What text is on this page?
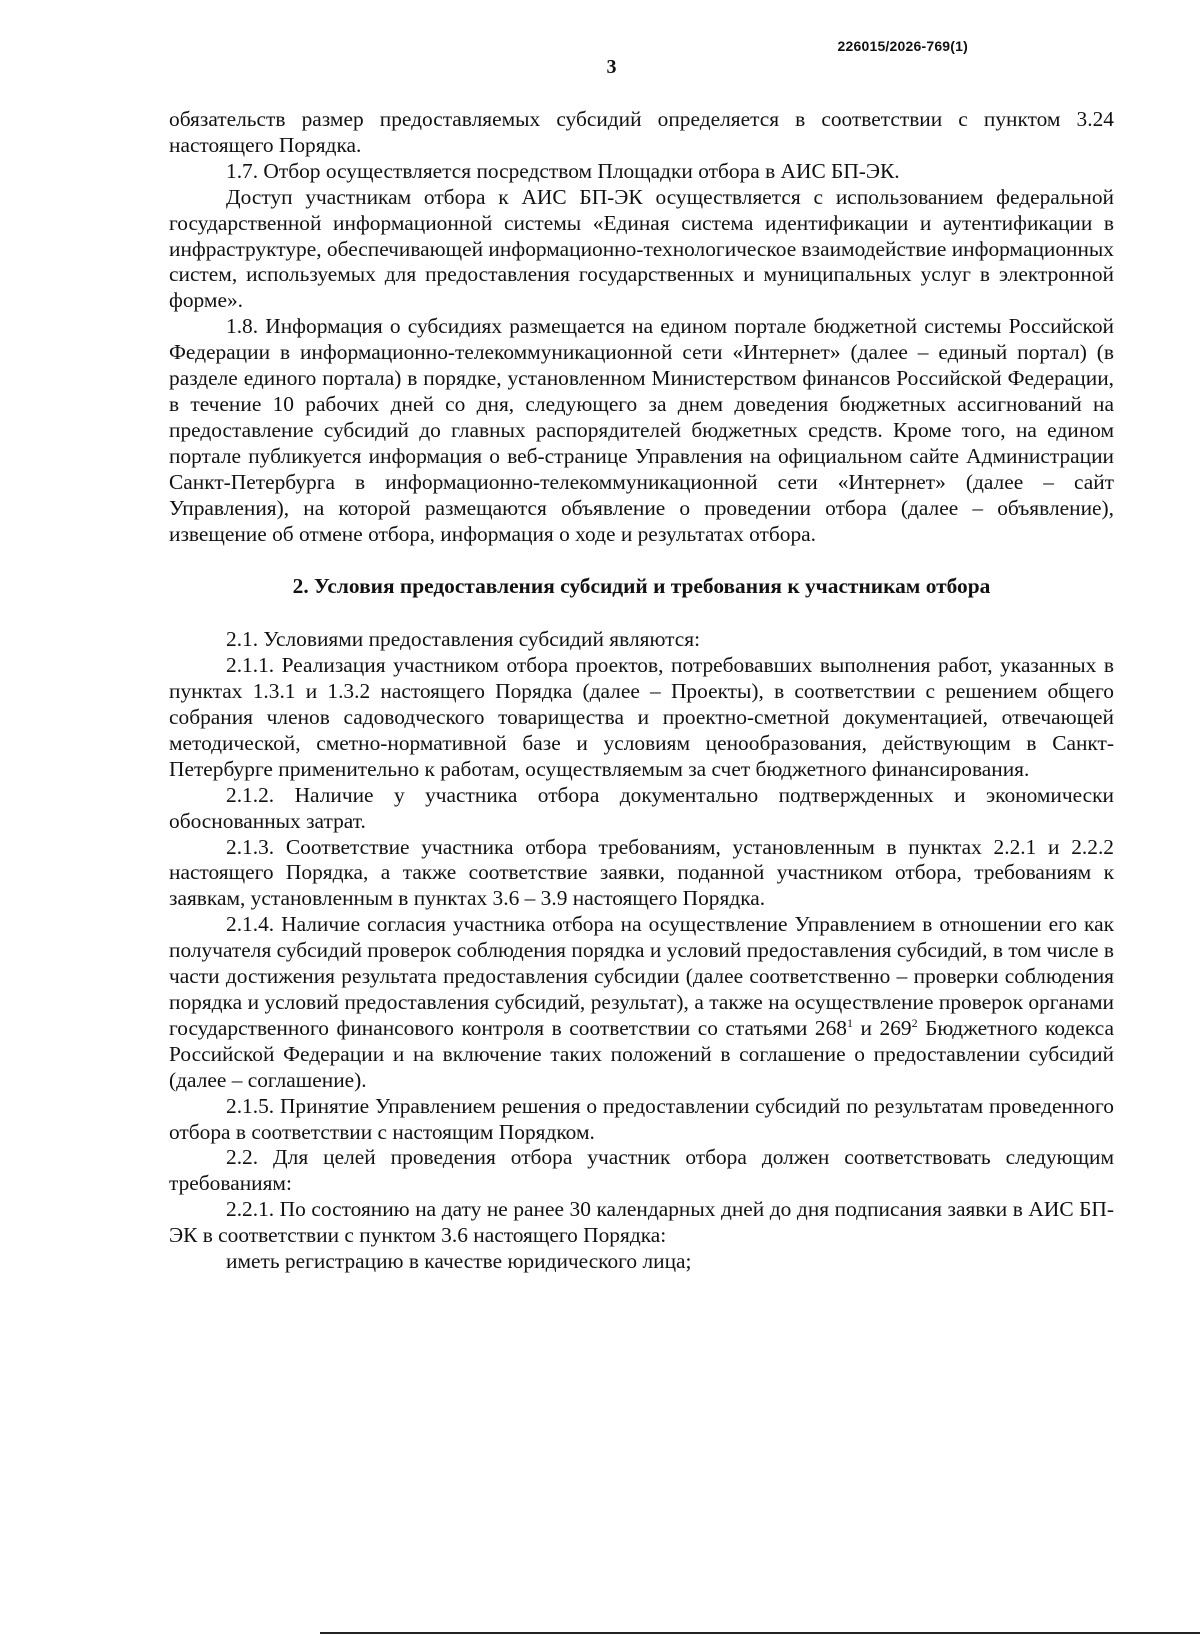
226015/2026-769(1)
3

обязательств размер предоставляемых субсидий определяется в соответствии с пунктом 3.24 настоящего Порядка.

1.7. Отбор осуществляется посредством Площадки отбора в АИС БП-ЭК.

Доступ участникам отбора к АИС БП-ЭК осуществляется с использованием федеральной государственной информационной системы «Единая система идентификации и аутентификации в инфраструктуре, обеспечивающей информационно-технологическое взаимодействие информационных систем, используемых для предоставления государственных и муниципальных услуг в электронной форме».

1.8. Информация о субсидиях размещается на едином портале бюджетной системы Российской Федерации в информационно-телекоммуникационной сети «Интернет» (далее – единый портал) (в разделе единого портала) в порядке, установленном Министерством финансов Российской Федерации, в течение 10 рабочих дней со дня, следующего за днем доведения бюджетных ассигнований на предоставление субсидий до главных распорядителей бюджетных средств. Кроме того, на едином портале публикуется информация о веб-странице Управления на официальном сайте Администрации Санкт-Петербурга в информационно-телекоммуникационной сети «Интернет» (далее – сайт Управления), на которой размещаются объявление о проведении отбора (далее – объявление), извещение об отмене отбора, информация о ходе и результатах отбора.

2. Условия предоставления субсидий и требования к участникам отбора

2.1. Условиями предоставления субсидий являются:

2.1.1. Реализация участником отбора проектов, потребовавших выполнения работ, указанных в пунктах 1.3.1 и 1.3.2 настоящего Порядка (далее – Проекты), в соответствии с решением общего собрания членов садоводческого товарищества и проектно-сметной документацией, отвечающей методической, сметно-нормативной базе и условиям ценообразования, действующим в Санкт-Петербурге применительно к работам, осуществляемым за счет бюджетного финансирования.

2.1.2. Наличие у участника отбора документально подтвержденных и экономически обоснованных затрат.

2.1.3. Соответствие участника отбора требованиям, установленным в пунктах 2.2.1 и 2.2.2 настоящего Порядка, а также соответствие заявки, поданной участником отбора, требованиям к заявкам, установленным в пунктах 3.6 – 3.9 настоящего Порядка.

2.1.4. Наличие согласия участника отбора на осуществление Управлением в отношении его как получателя субсидий проверок соблюдения порядка и условий предоставления субсидий, в том числе в части достижения результата предоставления субсидии (далее соответственно – проверки соблюдения порядка и условий предоставления субсидий, результат), а также на осуществление проверок органами государственного финансового контроля в соответствии со статьями $268^1$ и $269^2$ Бюджетного кодекса Российской Федерации и на включение таких положений в соглашение о предоставлении субсидий (далее – соглашение).

2.1.5. Принятие Управлением решения о предоставлении субсидий по результатам проведенного отбора в соответствии с настоящим Порядком.

2.2. Для целей проведения отбора участник отбора должен соответствовать следующим требованиям:

2.2.1. По состоянию на дату не ранее 30 календарных дней до дня подписания заявки в АИС БП-ЭК в соответствии с пунктом 3.6 настоящего Порядка:

иметь регистрацию в качестве юридического лица;
